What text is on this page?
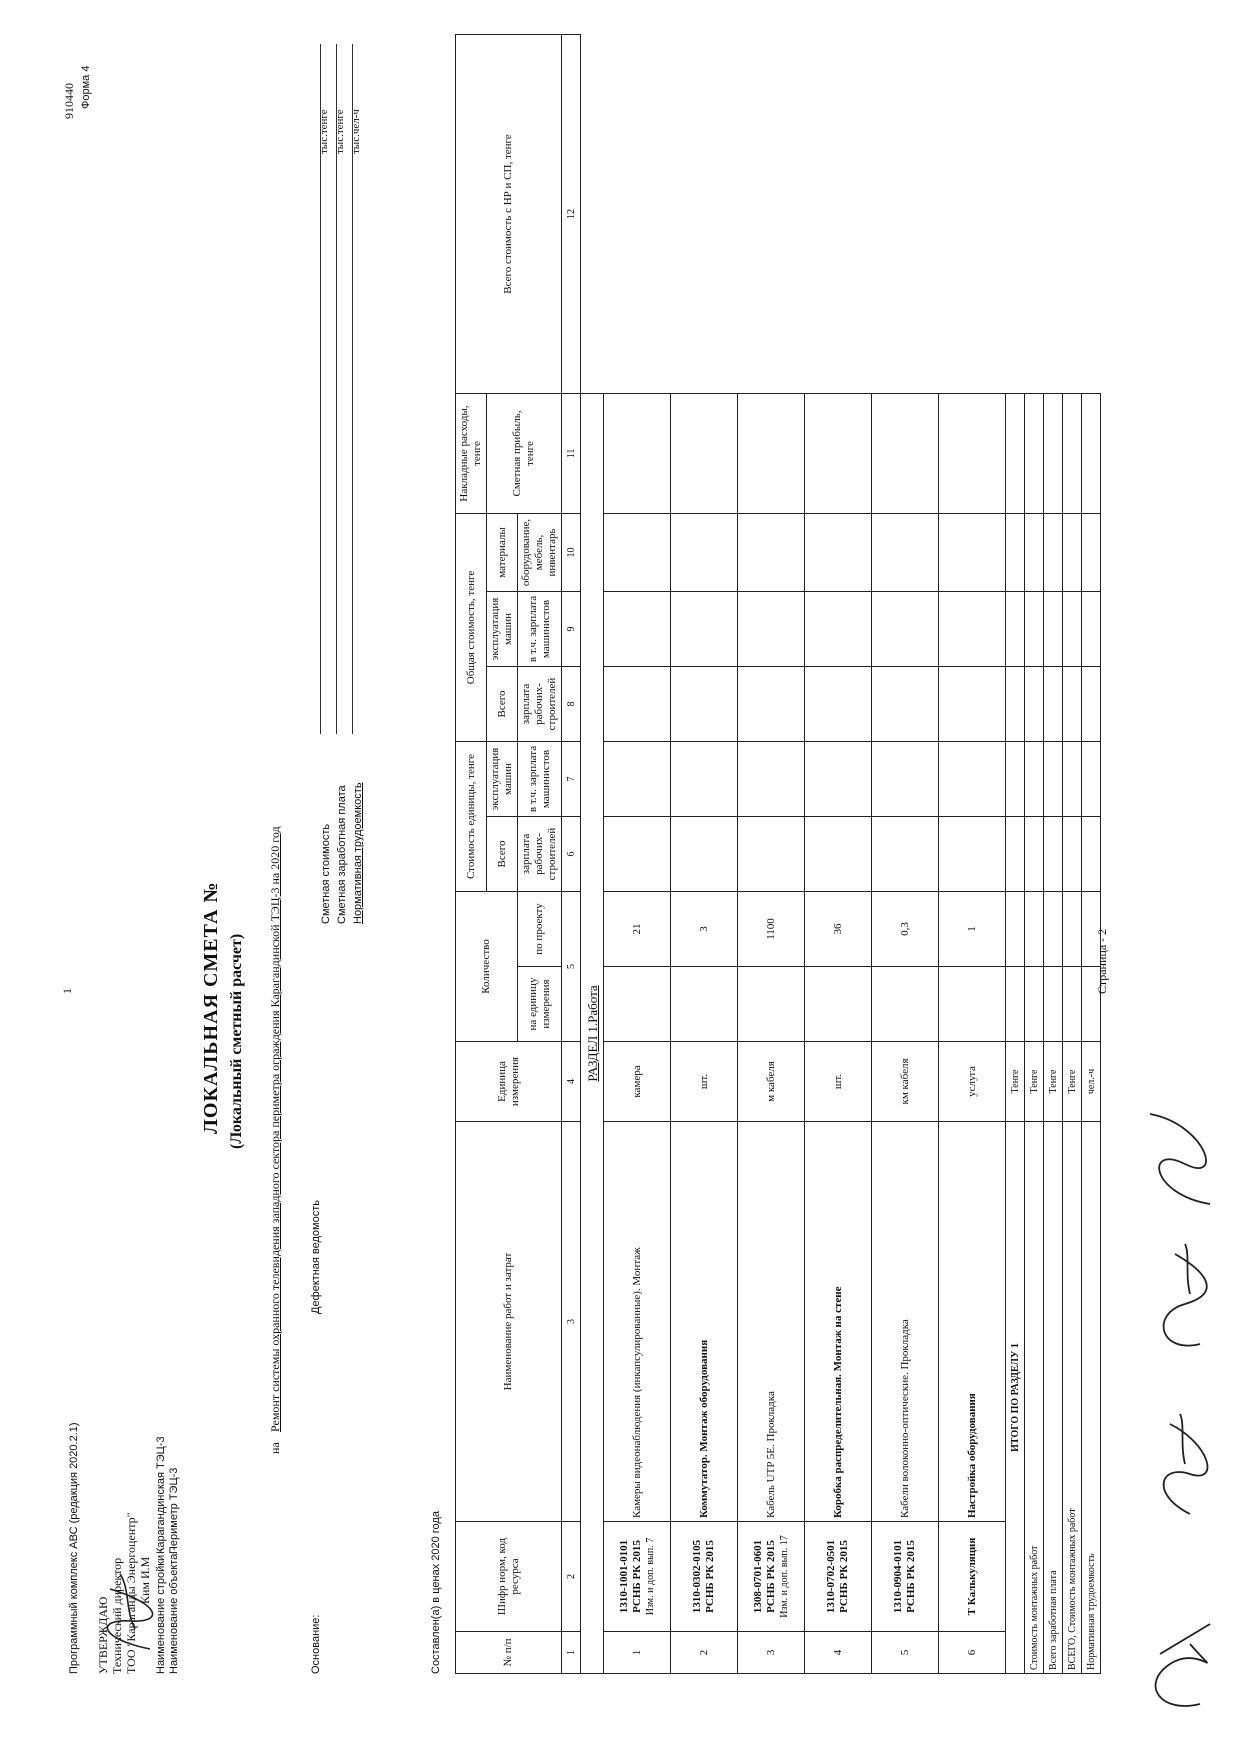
Программный комплекс АВС (редакция 2020.2.1) УТВЕРЖДАЮ Технический директор ТОО "Караганды Энергоцентр" Ким И.М Наименование стройки -
Карагандинская ТЭЦ-3
Наименование объекта -
Периметр ТЭЦ-3
1
910440 Форма 4
ЛОКАЛЬНАЯ СМЕТА № (Локальный сметный расчет)
на
Ремонт системы охранного телевидения западного сектора периметра ограждения Карагандинской ТЭЦ-3 на 2020 год
Основание:
Дефектная ведомость
Сметная стоимость Сметная заработная плата Нормативная трудоемкость
тыс.тенге тыс.тенге тыс.чел-ч
Составлен(а) в ценах 2020 года	№ п/п	Шифр норм, код ресурса	Наименование работ и затрат	Единица измерения	Количество		Стоимость единицы, тенге		Общая стоимость, тенге			Накладные расходы, тенге	Всего стоимость с НР и СП, тенге
						Всего	эксплуатация машин	Всего	эксплуатация машин	материалы	Сметная прибыль, тенге	
				на единицу измерения	по проекту	зарплата рабочих-строителей	в т.ч. зарплата машинистов	зарплата рабочих-строителей	в т.ч. зарплата машинистов	оборудование, мебель, инвентарь		
1	2	3	4	5		6	7	8	9	10	11	12
РАЗДЕЛ 1.Работа												
1	1310-1001-0101 РСНБ РК 2015 Изм. и доп. вып. 7	Камеры видеонаблюдения (инкапсулированные). Монтаж	камера		21							
2	1310-0302-0105 РСНБ РК 2015	Коммутатор. Монтаж оборудования	шт.		3							
3	1308-0701-0601 РСНБ РК 2015 Изм. и доп. вып. 17	Кабель UTP 5E. Прокладка	м кабеля		1100							
4	1310-0702-0501 РСНБ РК 2015	Коробка распределительная. Монтаж на стене	шт.		36							
5	1310-0904-0101 РСНБ РК 2015	Кабели волоконно-оптические. Прокладка	км кабеля		0,3							
6	Т Калькуляция	Настройка оборудования	услуга		1							
ИТОГО ПО РАЗДЕЛУ 1			Тенге									
Стоимость монтажных работ			Тенге									
Всего заработная плата			Тенге									
ВСЕГО, Стоимость монтажных работ			Тенге									
Нормативная трудоемкость			чел.-ч									
Страница - 2
